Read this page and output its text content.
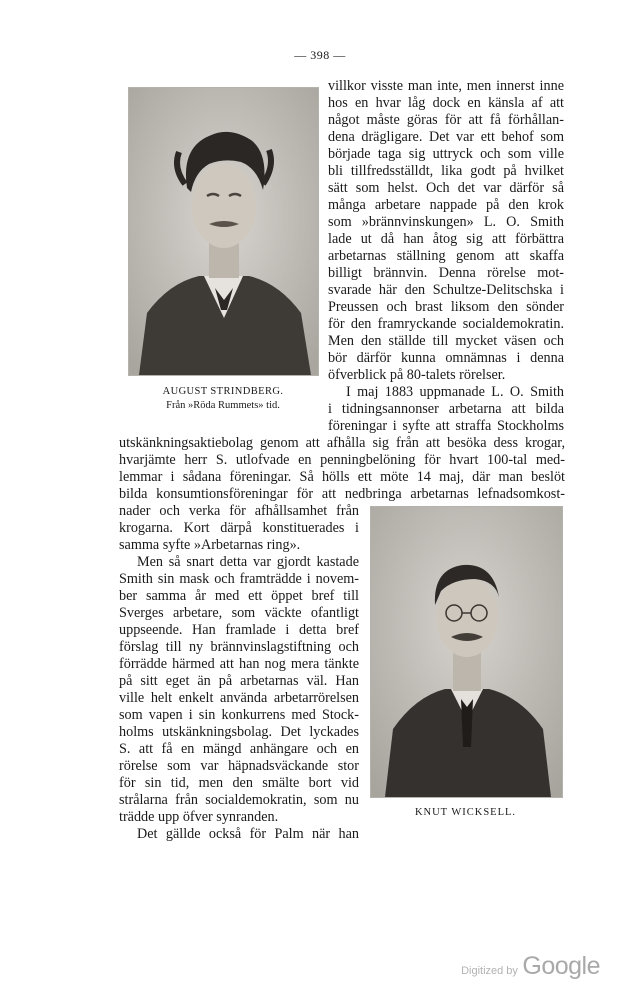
— 398 —
AUGUST STRINDBERG.
Från »Röda Rummets» tid.
villkor visste man inte, men innerst inne
hos en hvar låg dock en känsla af att
något måste göras för att få förhållan-
dena drägligare. Det var ett behof som
började taga sig uttryck och som ville
bli tillfredsställdt, lika godt på hvilket
sätt som helst. Och det var därför så
många arbetare nappade på den krok
som »brännvinskungen» L. O. Smith
lade ut då han åtog sig att förbättra
arbetarnas ställning genom att skaffa
billigt brännvin. Denna rörelse mot-
svarade här den Schultze-Delitschska i
Preussen och brast liksom den sönder
för den framryckande socialdemokratin.
Men den ställde till mycket väsen och
bör därför kunna omnämnas i denna
öfverblick på 80-talets rörelser.
I maj 1883 uppmanade L. O. Smith
i tidningsannonser arbetarna att bilda
föreningar i syfte att straffa Stockholms
utskänkningsaktiebolag genom att afhålla sig från att besöka dess krogar,
hvarjämte herr S. utlofvade en penningbelöning för hvart 100-tal med-
lemmar i sådana föreningar. Så hölls ett möte 14 maj, där man beslöt
bilda konsumtionsföreningar för att nedbringa arbetarnas lefnadsomkost-
nader och verka för afhållsamhet från
krogarna. Kort därpå konstituerades i
samma syfte »Arbetarnas ring».
Men så snart detta var gjordt kastade
Smith sin mask och framträdde i novem-
ber samma år med ett öppet bref till
Sverges arbetare, som väckte ofantligt
uppseende. Han framlade i detta bref
förslag till ny brännvinslagstiftning och
förrädde härmed att han nog mera tänkte
på sitt eget än på arbetarnas väl. Han
ville helt enkelt använda arbetarrörelsen
som vapen i sin konkurrens med Stock-
holms utskänkningsbolag. Det lyckades
S. att få en mängd anhängare och en
rörelse som var häpnadsväckande stor
för sin tid, men den smälte bort vid
strålarna från socialdemokratin, som nu
trädde upp öfver synranden.
Det gällde också för Palm när han
KNUT WICKSELL.
Digitized by Google
